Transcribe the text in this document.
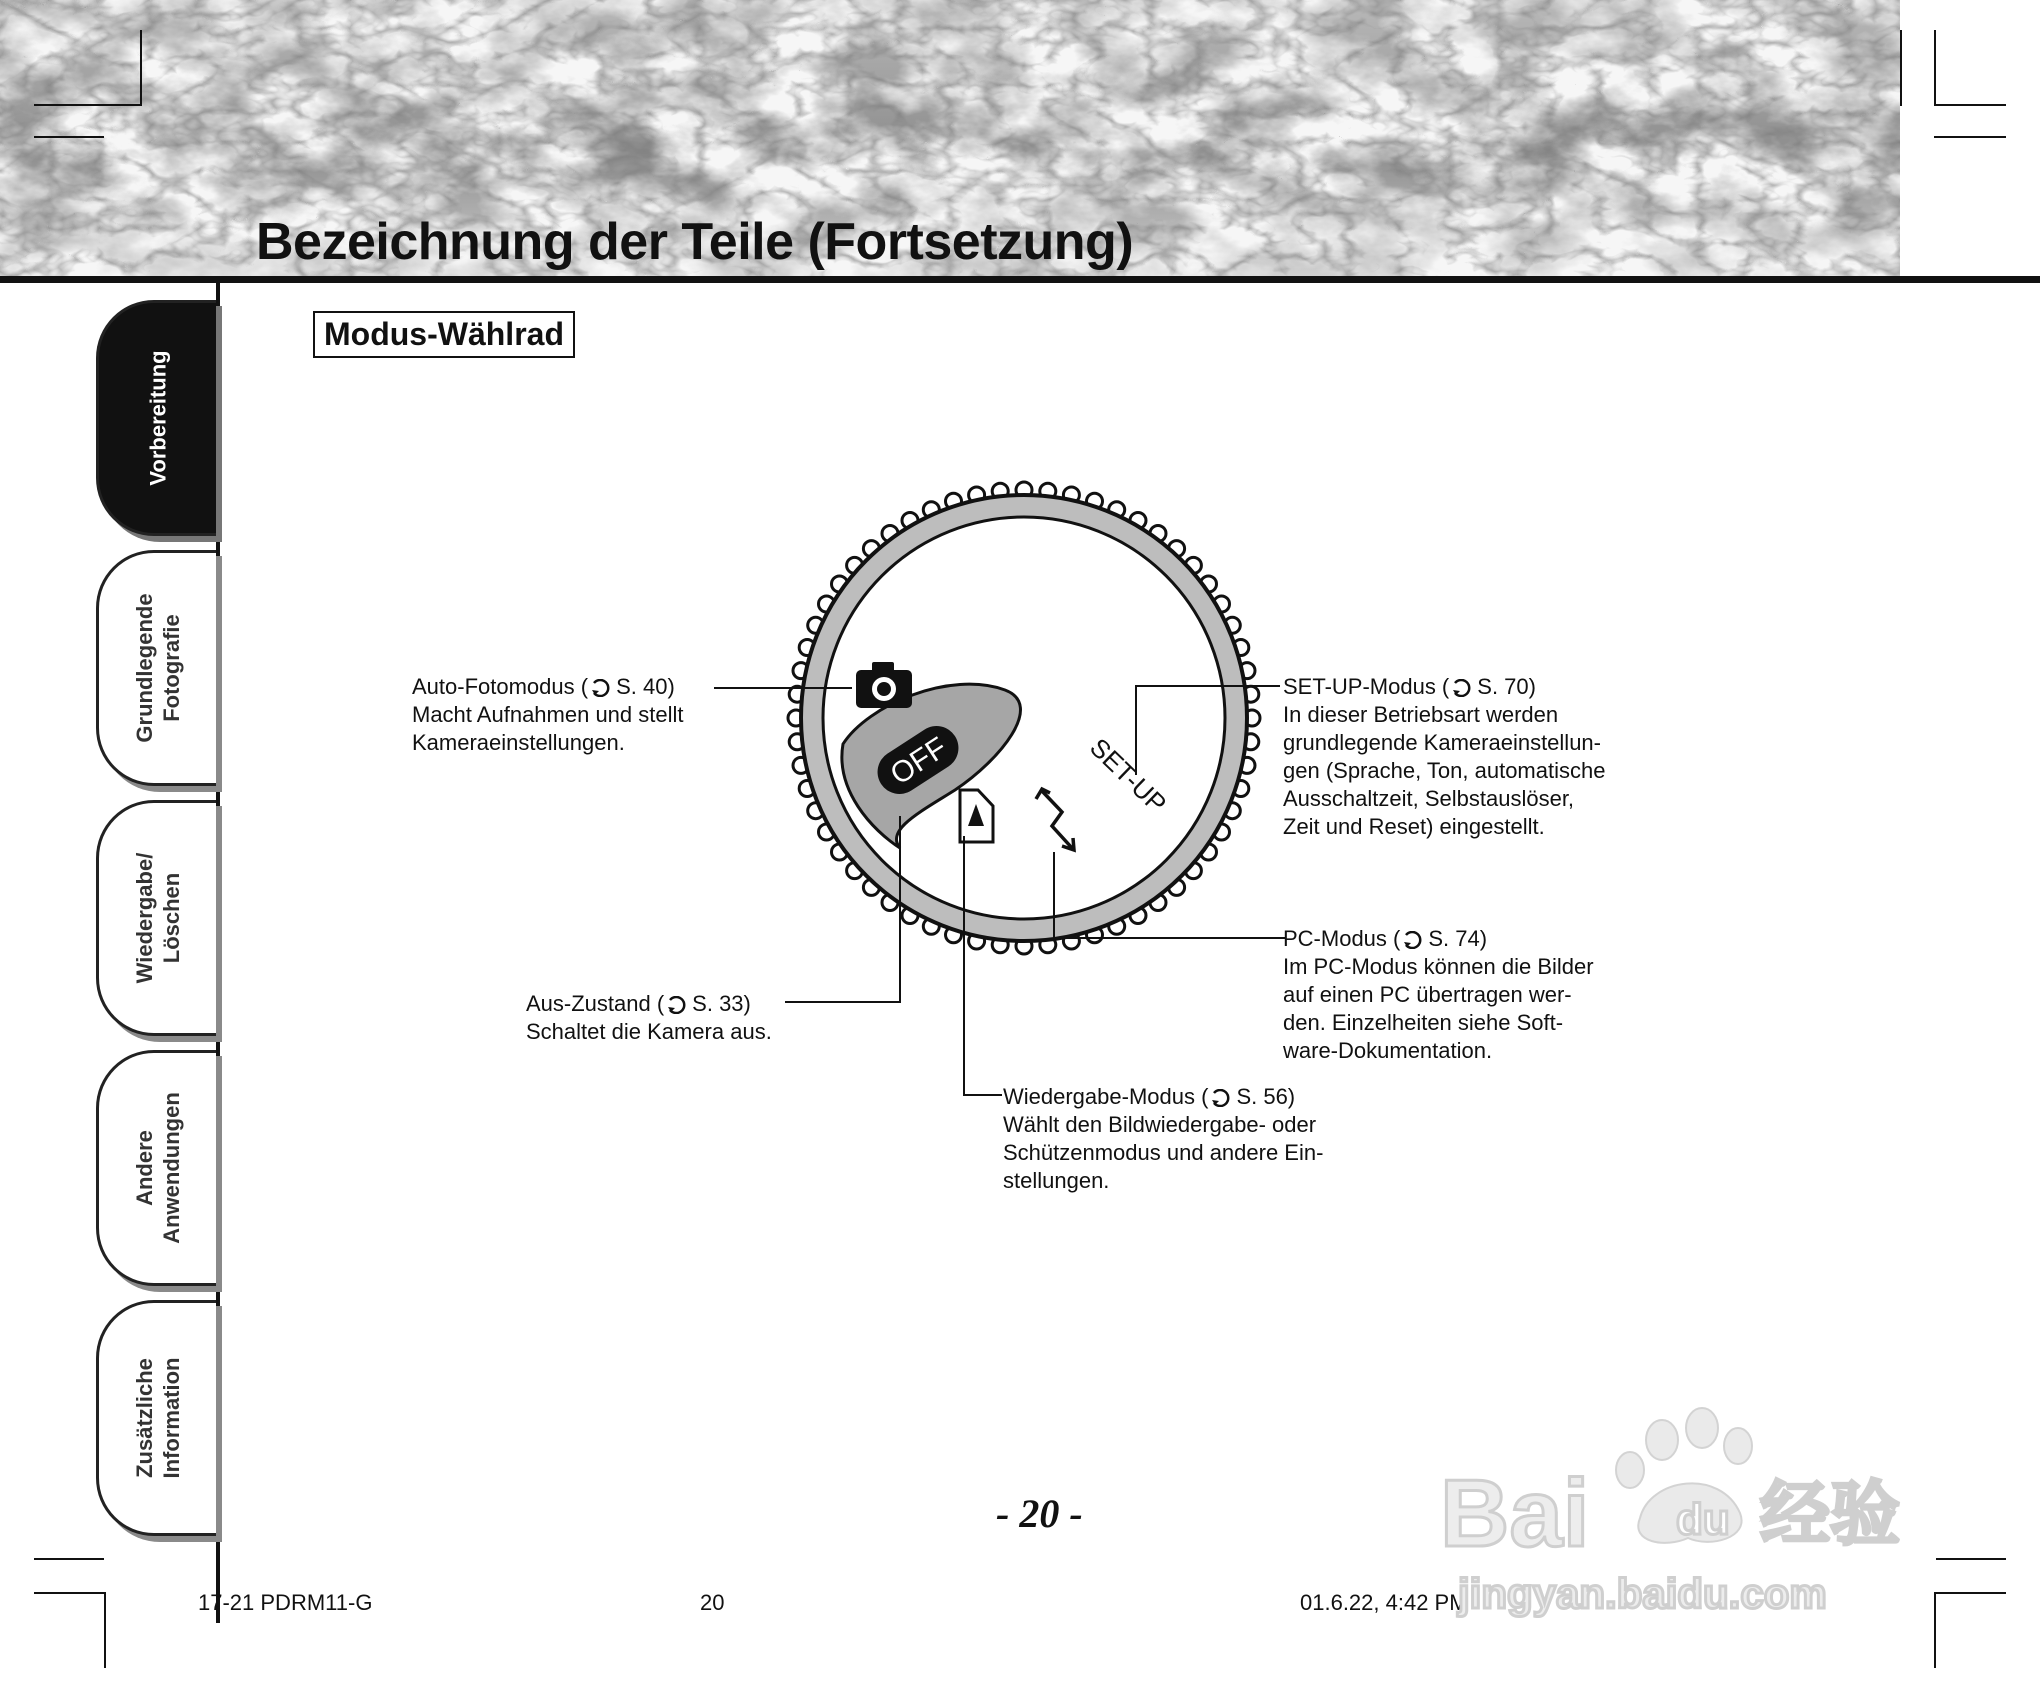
Bezeichnung der Teile (Fortsetzung)
Vorbereitung
Grundlegende
Fotografie
Wiedergabe/
Löschen
Andere
Anwendungen
Zusätzliche
Information
Modus-Wählrad
OFF	SET-UP
Auto-Fotomodus ( S. 40)
Macht Aufnahmen und stellt
Kameraeinstellungen.
Aus-Zustand ( S. 33)
Schaltet die Kamera aus.
Wiedergabe-Modus ( S. 56)
Wählt den Bildwiedergabe- oder
Schützenmodus und andere Ein-
stellungen.
PC-Modus ( S. 74)
Im PC-Modus können die Bilder
auf einen PC übertragen wer-
den. Einzelheiten siehe Soft-
ware-Dokumentation.
SET-UP-Modus ( S. 70)
In dieser Betriebsart werden
grundlegende Kameraeinstellun-
gen (Sprache, Ton, automatische
Ausschaltzeit, Selbstauslöser,
Zeit und Reset) eingestellt.
- 20 -
17-21 PDRM11-G	20	01.6.22, 4:42 PM
Bai du 经验
jingyan.baidu.com
